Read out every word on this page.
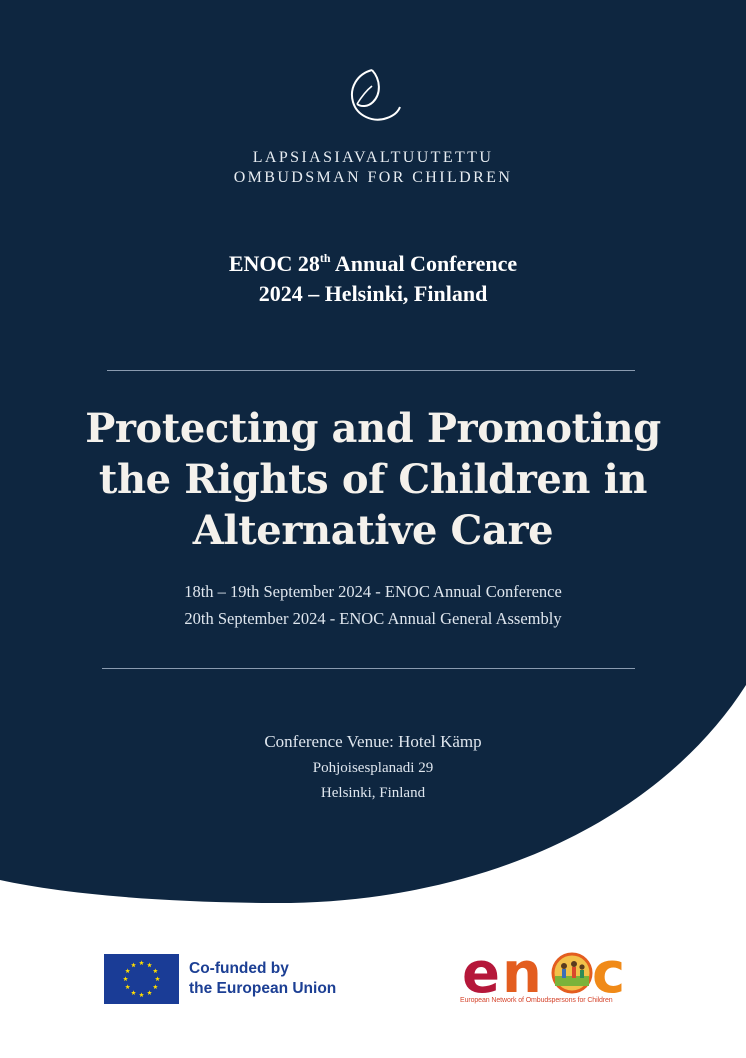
LAPSIASIAVALTUUTETTU
OMBUDSMAN FOR CHILDREN
ENOC 28th Annual Conference
2024 – Helsinki, Finland
Protecting and Promoting
the Rights of Children in
Alternative Care
18th – 19th September 2024 - ENOC Annual Conference
20th September 2024 - ENOC Annual General Assembly
Conference Venue: Hotel Kämp
Pohjoisesplanadi 29
Helsinki, Finland
Co-funded by
the European Union e n c
European Network of Ombudspersons for Children
